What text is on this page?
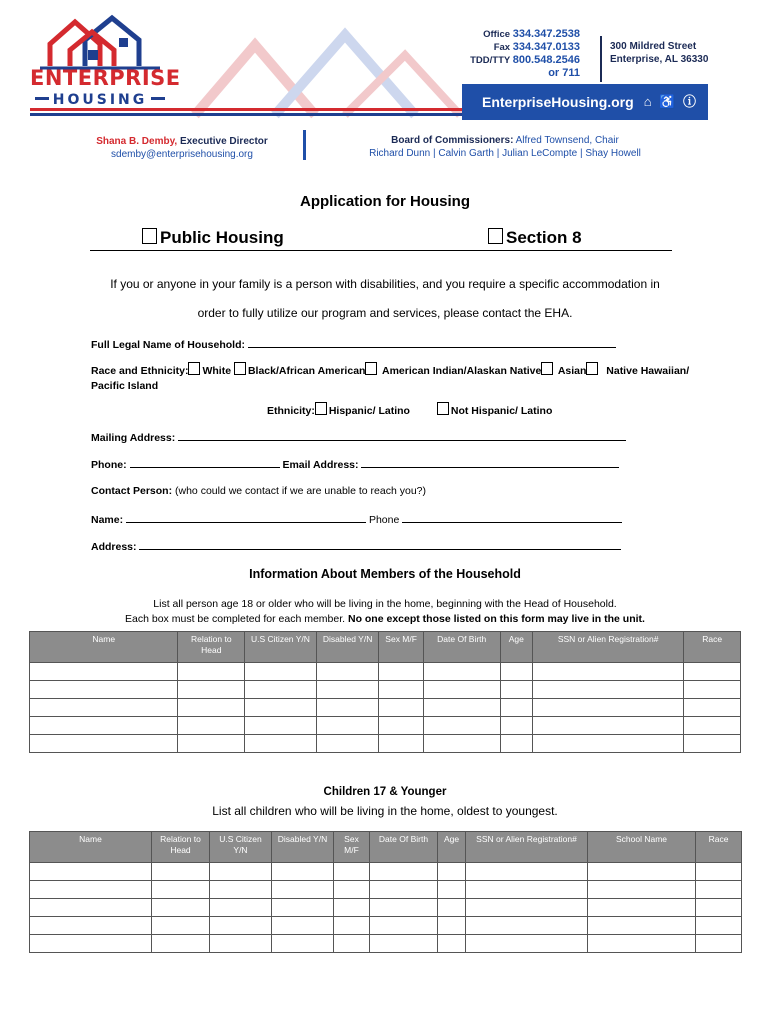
ENTERPRISE
HOUSING
Office 334.347.2538
Fax 334.347.0133
TDD/TTY 800.548.2546
or 711
300 Mildred Street
Enterprise, AL 36330
EnterpriseHousing.org ⌂ ♿ ⓘ
Shana B. Demby, Executive Director
sdemby@enterprisehousing.org
Board of Commissioners: Alfred Townsend, Chair
Richard Dunn | Calvin Garth | Julian LeCompte | Shay Howell
Application for Housing
Public Housing	Section 8
If you or anyone in your family is a person with disabilities, and you require a specific accommodation in
order to fully utilize our program and services, please contact the EHA.
Full Legal Name of Household:
Race and Ethnicity: White Black/African American American Indian/Alaskan Native Asian Native Hawaiian/
Pacific Island
Ethnicity: Hispanic/ Latino	Not Hispanic/ Latino
Mailing Address:
Phone:	Email Address:
Contact Person: (who could we contact if we are unable to reach you?)
Name:	Phone
Address:
Information About Members of the Household
List all person age 18 or older who will be living in the home, beginning with the Head of Household.
Each box must be completed for each member. No one except those listed on this form may live in the unit.
Name	Relation to Head	U.S Citizen Y/N	Disabled Y/N	Sex M/F	Date Of Birth	Age	SSN or Alien Registration#	Race

Children 17 & Younger
List all children who will be living in the home, oldest to youngest.
Name	Relation to Head	U.S Citizen Y/N	Disabled Y/N	Sex M/F	Date Of Birth	Age	SSN or Alien Registration#	School Name	Race
